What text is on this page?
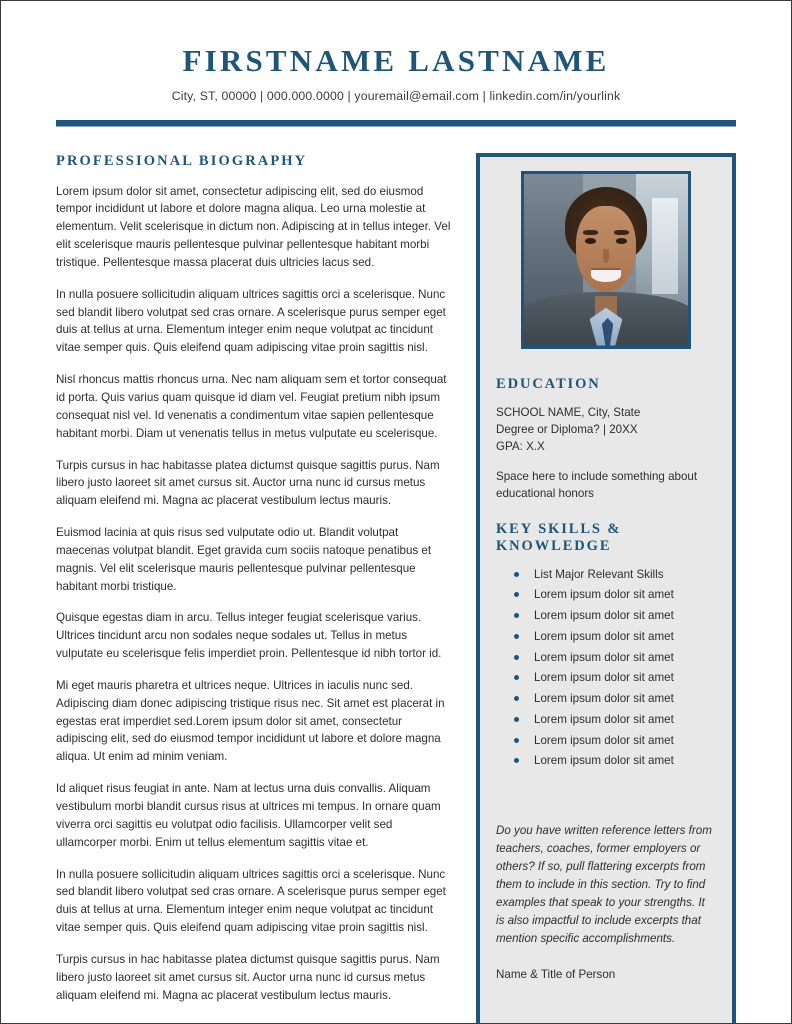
FIRSTNAME LASTNAME
City, ST, 00000 | 000.000.0000 | youremail@email.com | linkedin.com/in/yourlink
PROFESSIONAL BIOGRAPHY

Lorem ipsum dolor sit amet, consectetur adipiscing elit, sed do eiusmod tempor incididunt ut labore et dolore magna aliqua. Leo urna molestie at elementum. Velit scelerisque in dictum non. Adipiscing at in tellus integer. Vel elit scelerisque mauris pellentesque pulvinar pellentesque habitant morbi tristique. Pellentesque massa placerat duis ultricies lacus sed.

In nulla posuere sollicitudin aliquam ultrices sagittis orci a scelerisque. Nunc sed blandit libero volutpat sed cras ornare. A scelerisque purus semper eget duis at tellus at urna. Elementum integer enim neque volutpat ac tincidunt vitae semper quis. Quis eleifend quam adipiscing vitae proin sagittis nisl.

Nisl rhoncus mattis rhoncus urna. Nec nam aliquam sem et tortor consequat id porta. Quis varius quam quisque id diam vel. Feugiat pretium nibh ipsum consequat nisl vel. Id venenatis a condimentum vitae sapien pellentesque habitant morbi. Diam ut venenatis tellus in metus vulputate eu scelerisque.

Turpis cursus in hac habitasse platea dictumst quisque sagittis purus. Nam libero justo laoreet sit amet cursus sit. Auctor urna nunc id cursus metus aliquam eleifend mi. Magna ac placerat vestibulum lectus mauris.

Euismod lacinia at quis risus sed vulputate odio ut. Blandit volutpat maecenas volutpat blandit. Eget gravida cum sociis natoque penatibus et magnis. Vel elit scelerisque mauris pellentesque pulvinar pellentesque habitant morbi tristique.

Quisque egestas diam in arcu. Tellus integer feugiat scelerisque varius. Ultrices tincidunt arcu non sodales neque sodales ut. Tellus in metus vulputate eu scelerisque felis imperdiet proin. Pellentesque id nibh tortor id.

Mi eget mauris pharetra et ultrices neque. Ultrices in iaculis nunc sed. Adipiscing diam donec adipiscing tristique risus nec. Sit amet est placerat in egestas erat imperdiet sed.Lorem ipsum dolor sit amet, consectetur adipiscing elit, sed do eiusmod tempor incididunt ut labore et dolore magna aliqua. Ut enim ad minim veniam.

Id aliquet risus feugiat in ante. Nam at lectus urna duis convallis. Aliquam vestibulum morbi blandit cursus risus at ultrices mi tempus. In ornare quam viverra orci sagittis eu volutpat odio facilisis. Ullamcorper velit sed ullamcorper morbi. Enim ut tellus elementum sagittis vitae et.

In nulla posuere sollicitudin aliquam ultrices sagittis orci a scelerisque. Nunc sed blandit libero volutpat sed cras ornare. A scelerisque purus semper eget duis at tellus at urna. Elementum integer enim neque volutpat ac tincidunt vitae semper quis. Quis eleifend quam adipiscing vitae proin sagittis nisl.

Turpis cursus in hac habitasse platea dictumst quisque sagittis purus. Nam libero justo laoreet sit amet cursus sit. Auctor urna nunc id cursus metus aliquam eleifend mi. Magna ac placerat vestibulum lectus mauris.

EDUCATION

SCHOOL NAME, City, State

Degree or Diploma? | 20XX

GPA: X.X

Space here to include something about educational honors

KEY SKILLS & KNOWLEDGE
List Major Relevant Skills
Lorem ipsum dolor sit amet
Lorem ipsum dolor sit amet
Lorem ipsum dolor sit amet
Lorem ipsum dolor sit amet
Lorem ipsum dolor sit amet
Lorem ipsum dolor sit amet
Lorem ipsum dolor sit amet
Lorem ipsum dolor sit amet
Lorem ipsum dolor sit amet

Do you have written reference letters from teachers, coaches, former employers or others? If so, pull flattering excerpts from them to include in this section. Try to find examples that speak to your strengths. It is also impactful to include excerpts that mention specific accomplishments.

Name & Title of Person
